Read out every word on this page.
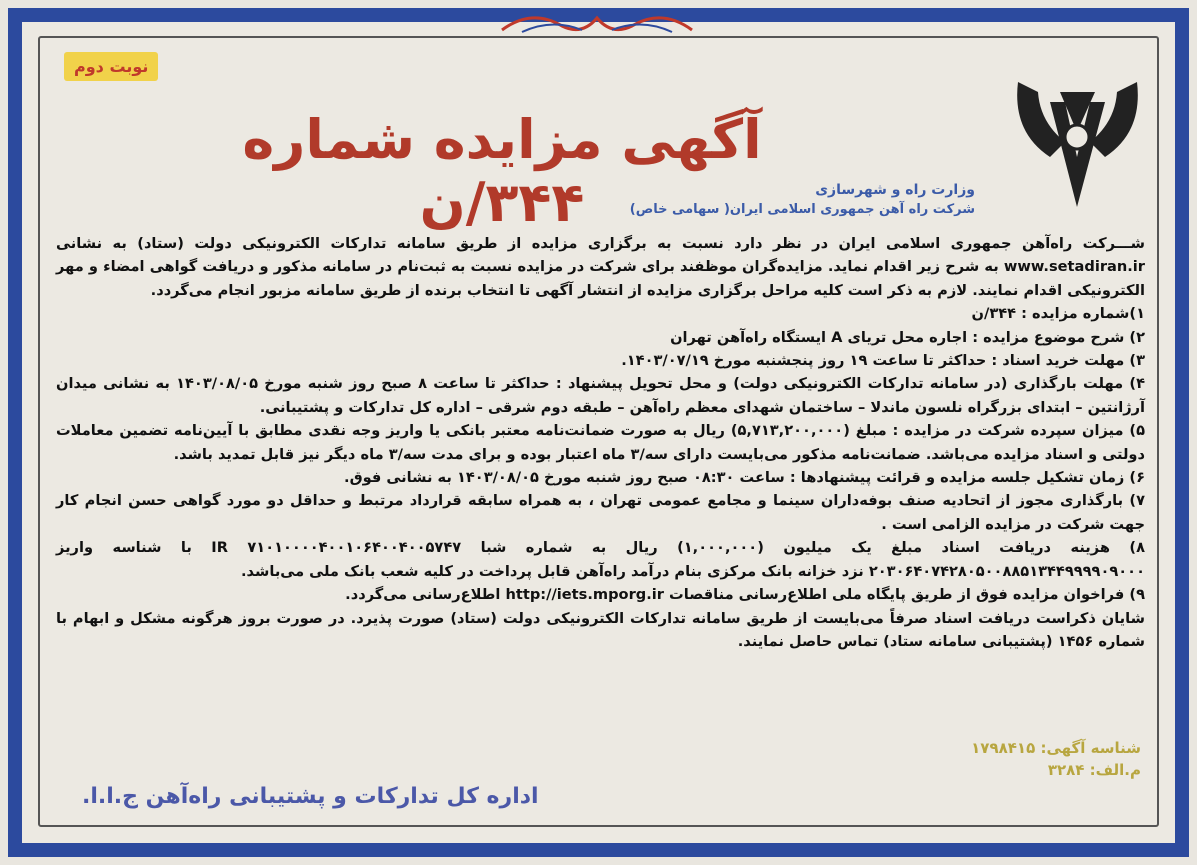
نوبت دوم
آگهی مزایده شماره ۳۴۴/ن	وزارت راه و شهرسازی
شرکت راه آهن جمهوری اسلامی ایران( سهامی خاص)

شـــرکت راه‌آهن جمهوری اسلامی ایران در نظر دارد نسبت به برگزاری مزایده از طریق سامانه تدارکات الکترونیکی دولت (ستاد) به نشانی www.setadiran.ir به شرح زیر اقدام نماید. مزایده‌گران موظفند برای شرکت در مزایده نسبت به ثبت‌نام در سامانه مذکور و دریافت گواهی امضاء و مهر الکترونیکی اقدام نمایند. لازم به ذکر است کلیه مراحل برگزاری مزایده از انتشار آگهی تا انتخاب برنده از طریق سامانه مزبور انجام می‌گردد.

۱)شماره مزایده : ۳۴۴/ن

۲) شرح موضوع مزایده : اجاره محل تریای A ایستگاه راه‌آهن تهران

۳) مهلت خرید اسناد : حداکثر تا ساعت ۱۹ روز پنجشنبه مورخ ۱۴۰۳/۰۷/۱۹.

۴) مهلت بارگذاری (در سامانه تدارکات الکترونیکی دولت) و محل تحویل پیشنهاد : حداکثر تا ساعت ۸ صبح روز شنبه مورخ ۱۴۰۳/۰۸/۰۵ به نشانی میدان آرژانتین – ابتدای بزرگراه نلسون ماندلا – ساختمان شهدای معظم راه‌آهن – طبقه دوم شرقی – اداره کل تدارکات و پشتیبانی.

۵) میزان سپرده شرکت در مزایده : مبلغ (۵,۷۱۳,۲۰۰,۰۰۰) ریال به صورت ضمانت‌نامه معتبر بانکی یا واریز وجه نقدی مطابق با آیین‌نامه تضمین معاملات دولتی و اسناد مزایده می‌باشد. ضمانت‌نامه مذکور می‌بایست دارای سه/۳ ماه اعتبار بوده و برای مدت سه/۳ ماه دیگر نیز قابل تمدید باشد.

۶) زمان تشکیل جلسه مزایده و قرائت پیشنهادها : ساعت ۰۸:۳۰ صبح روز شنبه مورخ ۱۴۰۳/۰۸/۰۵ به نشانی فوق.

۷) بارگذاری مجوز از اتحادیه صنف بوفه‌داران سینما و مجامع عمومی تهران ، به همراه سابقه قرارداد مرتبط و حداقل دو مورد گواهی حسن انجام کار جهت شرکت در مزایده الزامی است .

۸) هزینه دریافت اسناد مبلغ یک میلیون (۱,۰۰۰,۰۰۰) ریال به شماره شبا IR ۷۱۰۱۰۰۰۰۴۰۰۱۰۶۴۰۰۴۰۰۵۷۴۷ با شناسه واریز ۲۰۳۰۶۴۰۷۴۲۸۰۵۰۰۸۸۵۱۳۴۴۹۹۹۹۰۹۰۰۰ نزد خزانه بانک مرکزی بنام درآمد راه‌آهن قابل پرداخت در کلیه شعب بانک ملی می‌باشد.

۹) فراخوان مزایده فوق از طریق پایگاه ملی اطلاع‌رسانی مناقصات http://iets.mporg.ir اطلاع‌رسانی می‌گردد.

شایان ذکراست دریافت اسناد صرفاً می‌بایست از طریق سامانه تدارکات الکترونیکی دولت (ستاد) صورت پذیرد. در صورت بروز هرگونه مشکل و ابهام با شماره ۱۴۵۶ (پشتیبانی سامانه ستاد) تماس حاصل نمایند.

شناسه آگهی: ۱۷۹۸۴۱۵
م.الف: ۳۲۸۴
اداره کل تدارکات و پشتیبانی راه‌آهن ج.ا.ا.
